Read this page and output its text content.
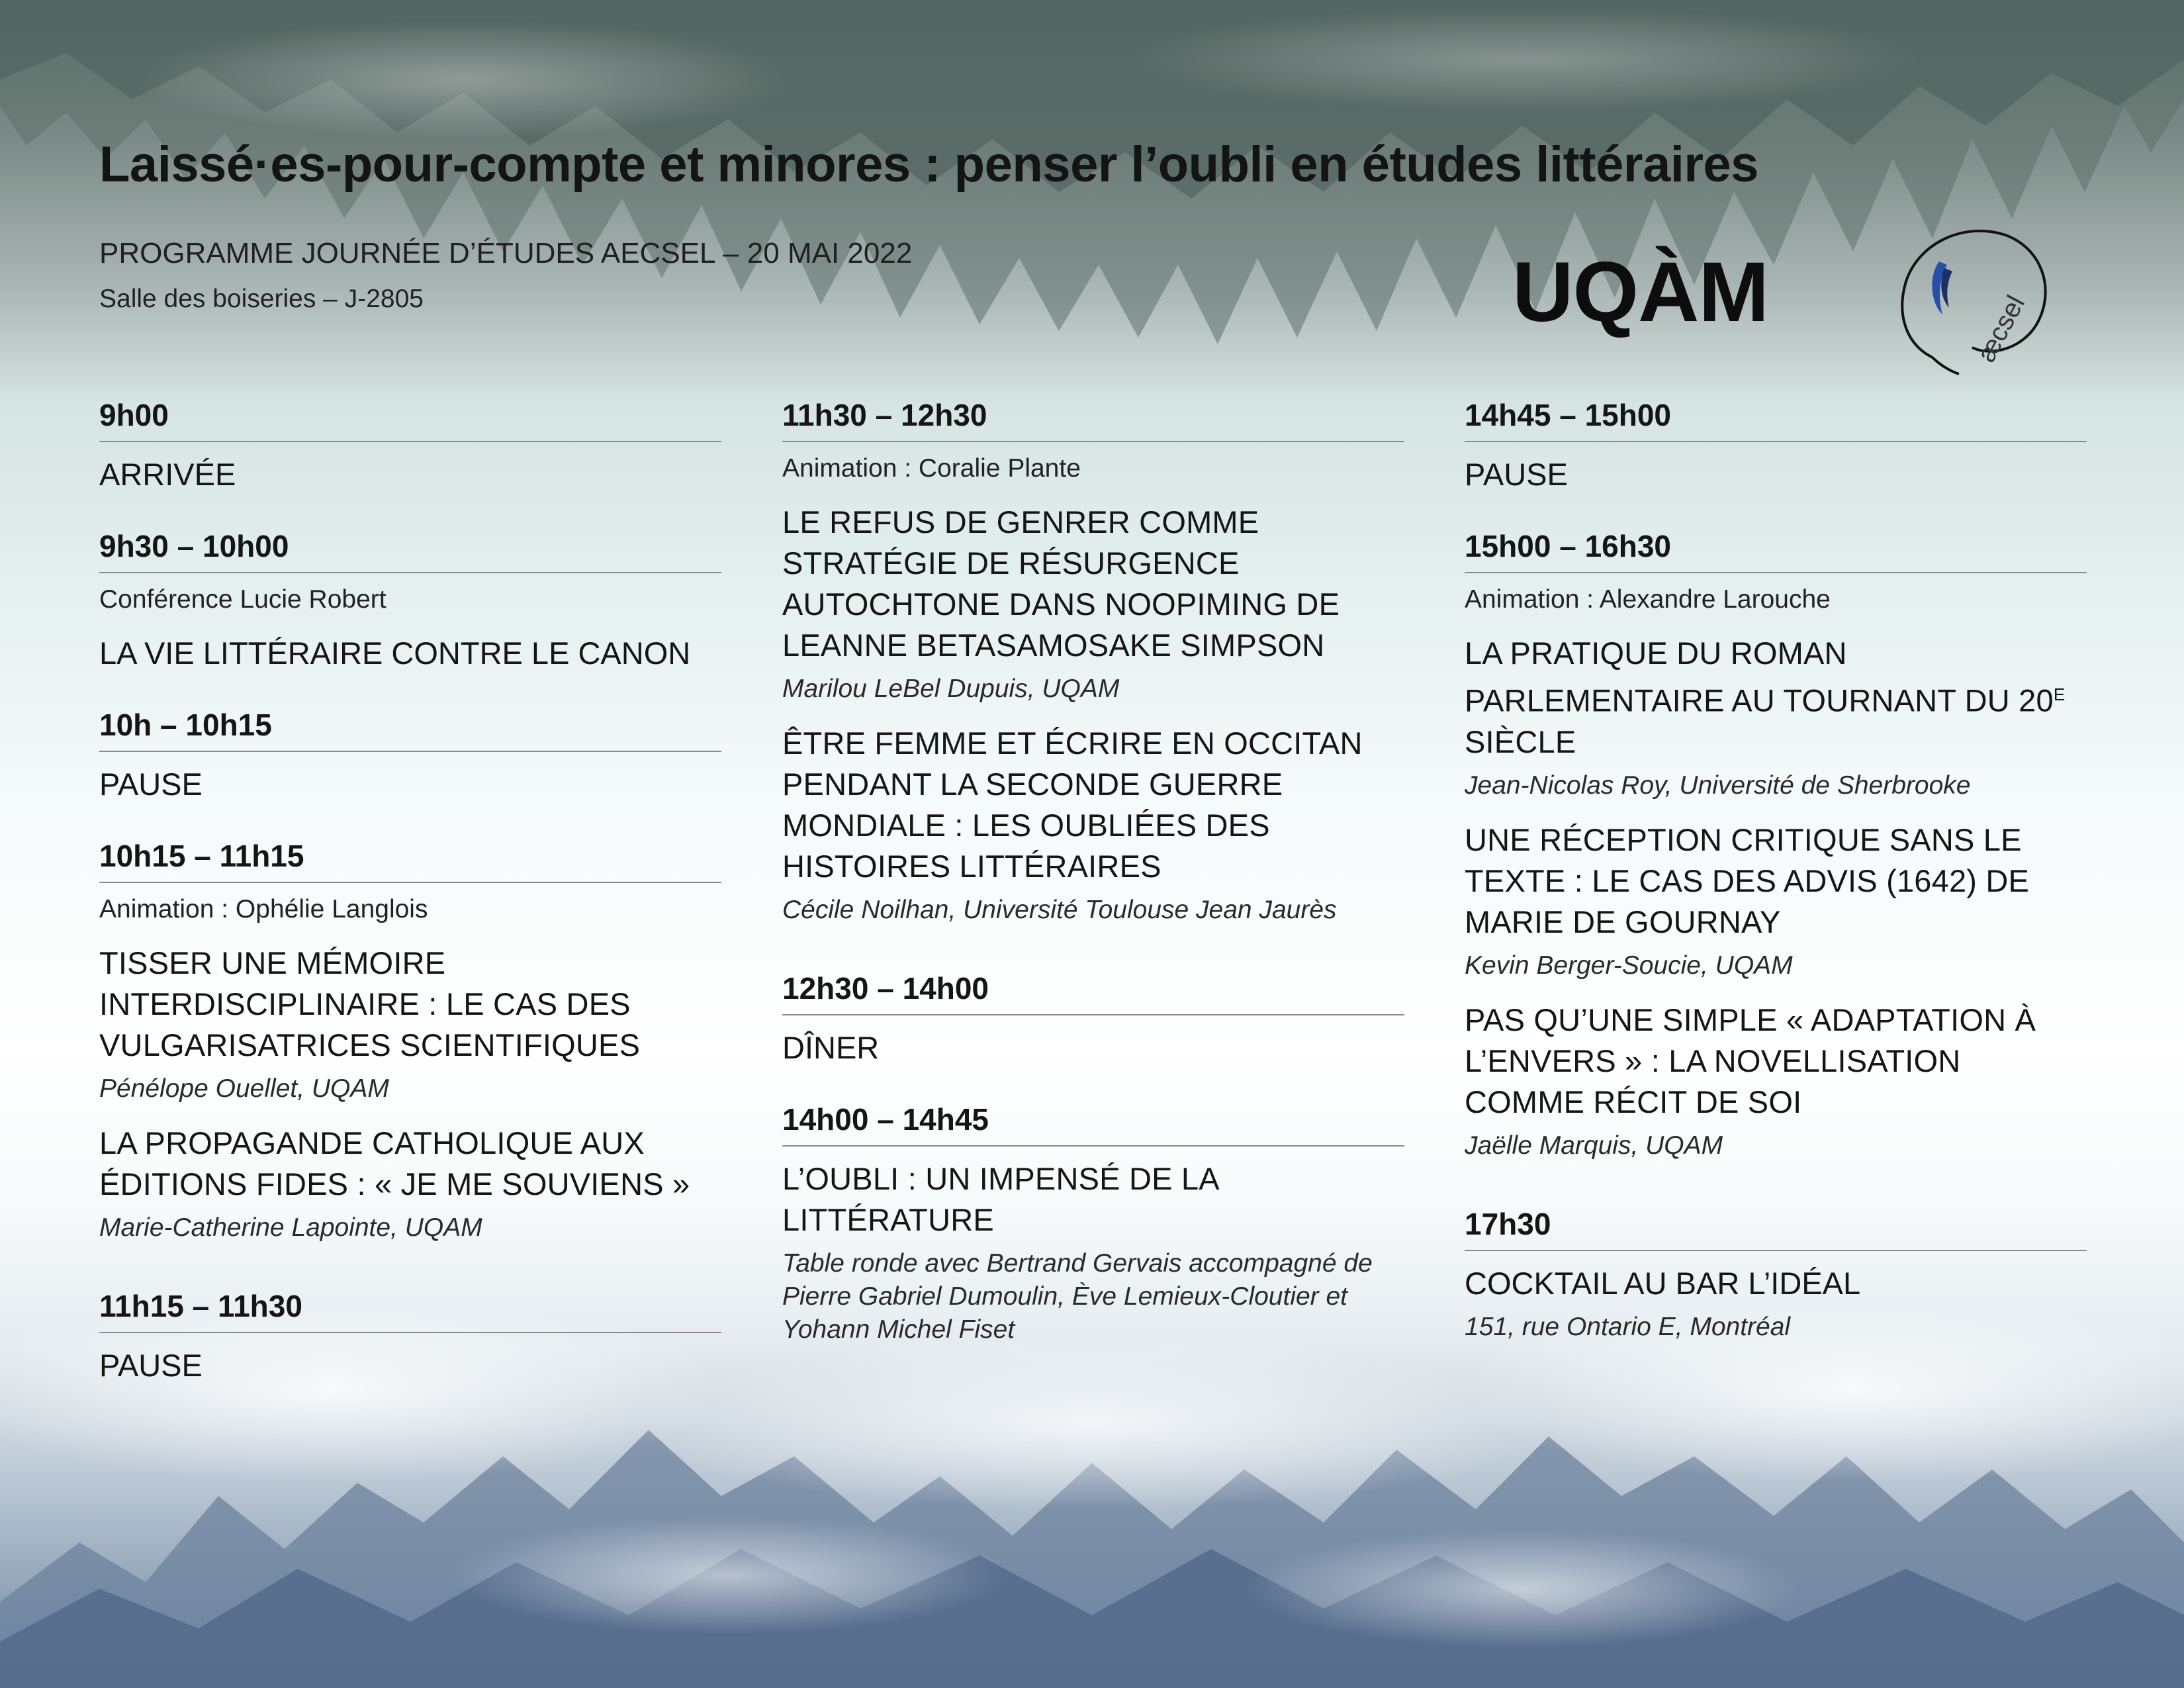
Laissé·es-pour-compte et minores : penser l’oubli en études littéraires
PROGRAMME JOURNÉE D’ÉTUDES AECSEL – 20 MAI 2022
Salle des boiseries – J-2805	UQÀM	æcsel
9h00
ARRIVÉE
9h30 – 10h00
Conférence Lucie Robert
LA VIE LITTÉRAIRE CONTRE LE CANON
10h – 10h15
PAUSE
10h15 – 11h15
Animation : Ophélie Langlois
TISSER UNE MÉMOIRE INTERDISCIPLINAIRE : LE CAS DES VULGARISATRICES SCIENTIFIQUES
Pénélope Ouellet, UQAM
LA PROPAGANDE CATHOLIQUE AUX ÉDITIONS FIDES : « JE ME SOUVIENS »
Marie-Catherine Lapointe, UQAM
11h15 – 11h30
PAUSE
11h30 – 12h30
Animation : Coralie Plante
LE REFUS DE GENRER COMME STRATÉGIE DE RÉSURGENCE AUTOCHTONE DANS NOOPIMING DE LEANNE BETASAMOSAKE SIMPSON
Marilou LeBel Dupuis, UQAM
ÊTRE FEMME ET ÉCRIRE EN OCCITAN PENDANT LA SECONDE GUERRE MONDIALE : LES OUBLIÉES DES HISTOIRES LITTÉRAIRES
Cécile Noilhan, Université Toulouse Jean Jaurès
12h30 – 14h00
DÎNER
14h00 – 14h45
L’OUBLI : UN IMPENSÉ DE LA LITTÉRATURE
Table ronde avec Bertrand Gervais accompagné de Pierre Gabriel Dumoulin, Ève Lemieux-Cloutier et Yohann Michel Fiset
14h45 – 15h00
PAUSE
15h00 – 16h30
Animation : Alexandre Larouche
LA PRATIQUE DU ROMAN PARLEMENTAIRE AU TOURNANT DU $20^E$ SIÈCLE
Jean-Nicolas Roy, Université de Sherbrooke
UNE RÉCEPTION CRITIQUE SANS LE TEXTE : LE CAS DES ADVIS (1642) DE MARIE DE GOURNAY
Kevin Berger-Soucie, UQAM
PAS QU’UNE SIMPLE « ADAPTATION À L’ENVERS » : LA NOVELLISATION COMME RÉCIT DE SOI
Jaëlle Marquis, UQAM
17h30
COCKTAIL AU BAR L’IDÉAL
151, rue Ontario E, Montréal
